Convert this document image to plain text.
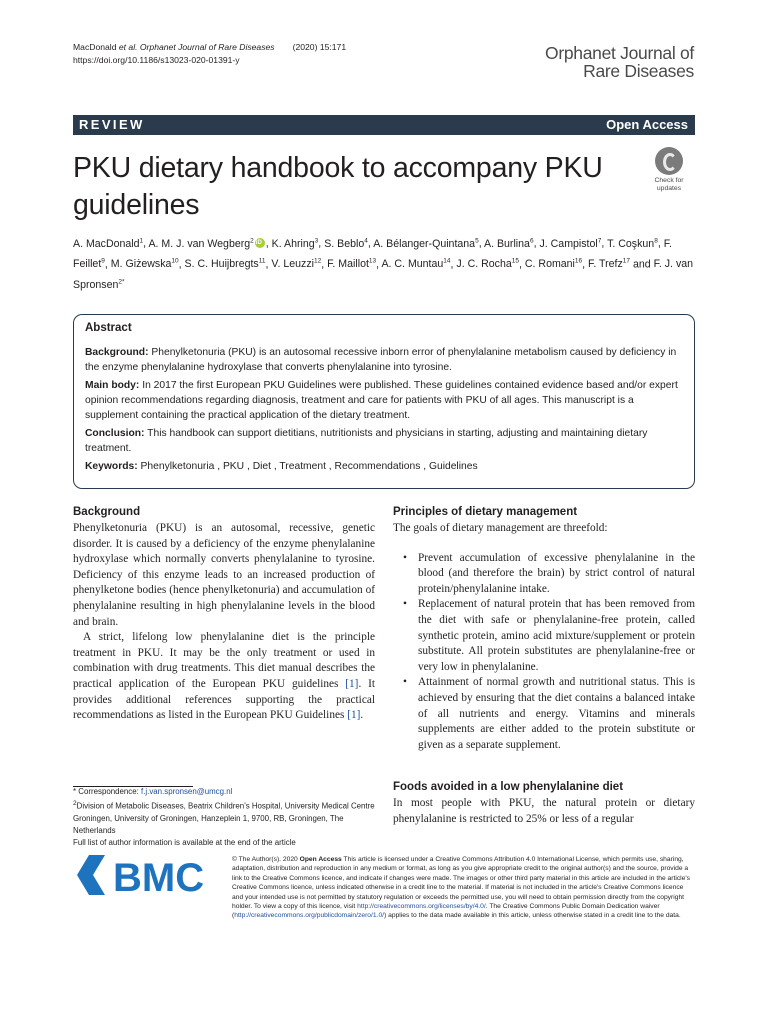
MacDonald et al. Orphanet Journal of Rare Diseases (2020) 15:171
https://doi.org/10.1186/s13023-020-01391-y	Orphanet Journal of
Rare Diseases
REVIEW	Open Access
PKU dietary handbook to accompany PKU
guidelines
Check for
updates
A. MacDonald$^1$, A. M. J. van Wegberg$^2$iD , K. Ahring$^3$, S. Beblo$^4$, A. Bélanger-Quintana$^5$, A. Burlina$^6$, J. Campistol$^7$, T. Coşkun$^8$, F. Feillet$^9$, M. Giżewska$^{10}$, S. C. Huijbregts$^{11}$, V. Leuzzi$^{12}$, F. Maillot$^{13}$, A. C. Muntau$^{14}$, J. C. Rocha$^{15}$, C. Romani$^{16}$, F. Trefz$^{17}$ and F. J. van Spronsen$^{2*}$
Abstract

Background: Phenylketonuria (PKU) is an autosomal recessive inborn error of phenylalanine metabolism caused by deficiency in the enzyme phenylalanine hydroxylase that converts phenylalanine into tyrosine.

Main body: In 2017 the first European PKU Guidelines were published. These guidelines contained evidence based and/or expert opinion recommendations regarding diagnosis, treatment and care for patients with PKU of all ages. This manuscript is a supplement containing the practical application of the dietary treatment.

Conclusion: This handbook can support dietitians, nutritionists and physicians in starting, adjusting and maintaining dietary treatment.

Keywords: Phenylketonuria , PKU , Diet , Treatment , Recommendations , Guidelines

Background

Phenylketonuria (PKU) is an autosomal, recessive, genetic disorder. It is caused by a deficiency of the enzyme phenylalanine hydroxylase which normally converts phenylalanine to tyrosine. Deficiency of this enzyme leads to an increased production of phenylketone bodies (hence phenylketonuria) and accumulation of phenylalanine resulting in high phenylalanine levels in the blood and brain.

A strict, lifelong low phenylalanine diet is the principle treatment in PKU. It may be the only treatment or used in combination with drug treatments. This diet manual describes the practical application of the European PKU guidelines [1]. It provides additional references supporting the practical recommendations as listed in the European PKU Guidelines [1].

Principles of dietary management

The goals of dietary management are threefold:

• Prevent accumulation of excessive phenylalanine in the blood (and therefore the brain) by strict control of natural protein/phenylalanine intake.
• Replacement of natural protein that has been removed from the diet with safe or phenylalanine-free protein, called synthetic protein, amino acid mixture/supplement or protein substitute. All protein substitutes are phenylalanine-free or very low in phenylalanine.
• Attainment of normal growth and nutritional status. This is achieved by ensuring that the diet contains a balanced intake of all nutrients and energy. Vitamins and minerals supplements are either added to the protein substitute or given as a separate supplement.
Foods avoided in a low phenylalanine diet

In most people with PKU, the natural protein or dietary phenylalanine is restricted to 25% or less of a regular

* Correspondence: f.j.van.spronsen@umcg.nl
$^2$Division of Metabolic Diseases, Beatrix Children's Hospital, University Medical Centre Groningen, University of Groningen, Hanzeplein 1, 9700, RB, Groningen, The Netherlands
Full list of author information is available at the end of the article
BMC	© The Author(s). 2020 Open Access This article is licensed under a Creative Commons Attribution 4.0 International License, which permits use, sharing, adaptation, distribution and reproduction in any medium or format, as long as you give appropriate credit to the original author(s) and the source, provide a link to the Creative Commons licence, and indicate if changes were made. The images or other third party material in this article are included in the article's Creative Commons licence, unless indicated otherwise in a credit line to the material. If material is not included in the article's Creative Commons licence and your intended use is not permitted by statutory regulation or exceeds the permitted use, you will need to obtain permission directly from the copyright holder. To view a copy of this licence, visit http://creativecommons.org/licenses/by/4.0/. The Creative Commons Public Domain Dedication waiver (http://creativecommons.org/publicdomain/zero/1.0/) applies to the data made available in this article, unless otherwise stated in a credit line to the data.
